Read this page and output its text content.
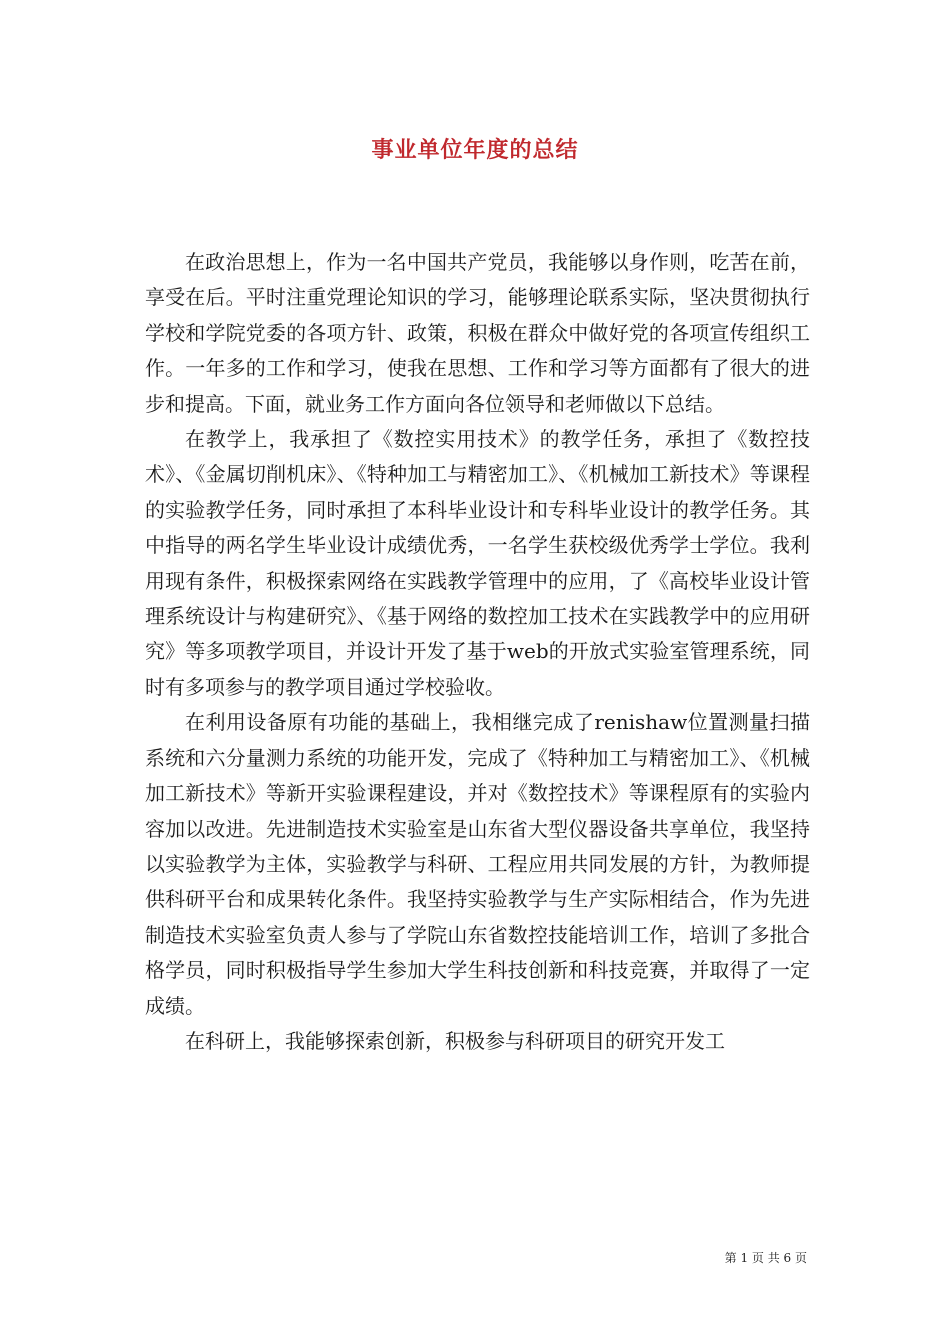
事业单位年度的总结

在政治思想上，作为一名中国共产党员，我能够以身作则，吃苦在前，享受在后。平时注重党理论知识的学习，能够理论联系实际，坚决贯彻执行学校和学院党委的各项方针、政策，积极在群众中做好党的各项宣传组织工作。一年多的工作和学习，使我在思想、工作和学习等方面都有了很大的进步和提高。下面，就业务工作方面向各位领导和老师做以下总结。

在教学上，我承担了《数控实用技术》的教学任务，承担了《数控技术》、《金属切削机床》、《特种加工与精密加工》、《机械加工新技术》等课程的实验教学任务，同时承担了本科毕业设计和专科毕业设计的教学任务。其中指导的两名学生毕业设计成绩优秀，一名学生获校级优秀学士学位。我利用现有条件，积极探索网络在实践教学管理中的应用，了《高校毕业设计管理系统设计与构建研究》、《基于网络的数控加工技术在实践教学中的应用研究》等多项教学项目，并设计开发了基于web的开放式实验室管理系统，同时有多项参与的教学项目通过学校验收。

在利用设备原有功能的基础上，我相继完成了renishaw位置测量扫描系统和六分量测力系统的功能开发，完成了《特种加工与精密加工》、《机械加工新技术》等新开实验课程建设，并对《数控技术》等课程原有的实验内容加以改进。先进制造技术实验室是山东省大型仪器设备共享单位，我坚持以实验教学为主体，实验教学与科研、工程应用共同发展的方针，为教师提供科研平台和成果转化条件。我坚持实验教学与生产实际相结合，作为先进制造技术实验室负责人参与了学院山东省数控技能培训工作，培训了多批合格学员，同时积极指导学生参加大学生科技创新和科技竞赛，并取得了一定成绩。

在科研上，我能够探索创新，积极参与科研项目的研究开发工

第 1 页 共 6 页
